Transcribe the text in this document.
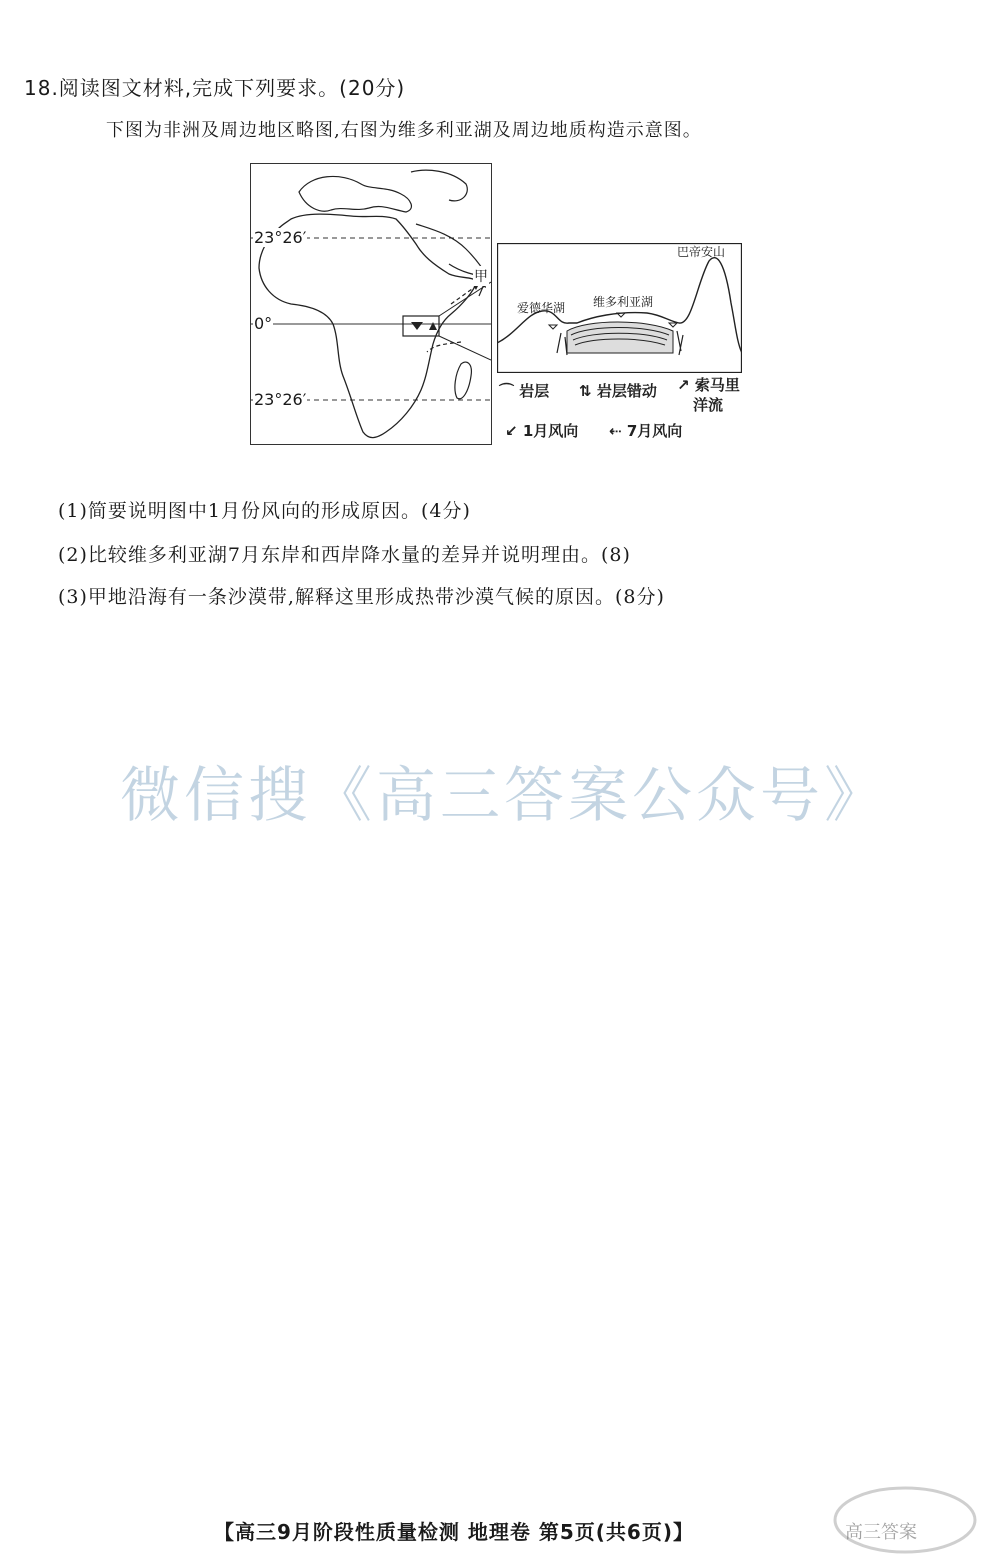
18.阅读图文材料,完成下列要求。(20分)
下图为非洲及周边地区略图,右图为维多利亚湖及周边地质构造示意图。
23°26′
0°
23°26′
甲
巴帝安山
爱德华湖 维多利亚湖
⌒ 岩层 ⇅ 岩层错动 ↗ 索马里
洋流
↙ 1月风向 ⇠ 7月风向
(1)简要说明图中1月份风向的形成原因。(4分)
(2)比较维多利亚湖7月东岸和西岸降水量的差异并说明理由。(8)
(3)甲地沿海有一条沙漠带,解释这里形成热带沙漠气候的原因。(8分)
微信搜《高三答案公众号》
【高三9月阶段性质量检测 地理卷 第5页(共6页)】	高三答案
